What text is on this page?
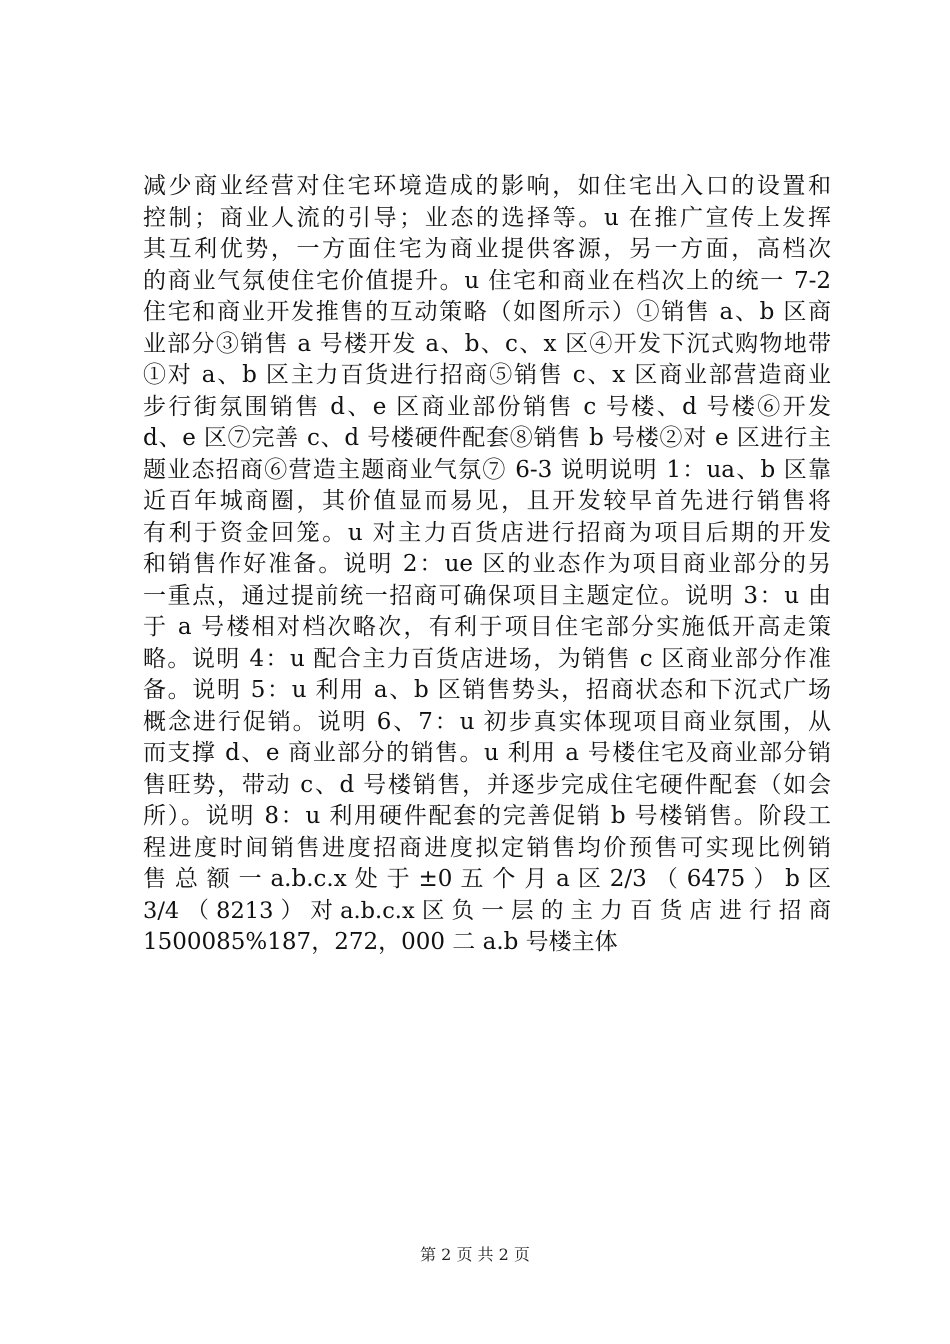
减少商业经营对住宅环境造成的影响，如住宅出入口的设置和
控制；商业人流的引导；业态的选择等。u 在推广宣传上发挥
其互利优势，一方面住宅为商业提供客源，另一方面，高档次
的商业气氛使住宅价值提升。u 住宅和商业在档次上的统一 7-2
住宅和商业开发推售的互动策略（如图所示）①销售 a、b 区商
业部分③销售 a 号楼开发 a、b、c、x 区④开发下沉式购物地带
①对 a、b 区主力百货进行招商⑤销售 c、x 区商业部营造商业
步行街氛围销售 d、e 区商业部份销售 c 号楼、d 号楼⑥开发
d、e 区⑦完善 c、d 号楼硬件配套⑧销售 b 号楼②对 e 区进行主
题业态招商⑥营造主题商业气氛⑦ 6-3 说明说明 1：ua、b 区靠
近百年城商圈，其价值显而易见，且开发较早首先进行销售将
有利于资金回笼。u 对主力百货店进行招商为项目后期的开发
和销售作好准备。说明 2：ue 区的业态作为项目商业部分的另
一重点，通过提前统一招商可确保项目主题定位。说明 3：u 由
于 a 号楼相对档次略次，有利于项目住宅部分实施低开高走策
略。说明 4：u 配合主力百货店进场，为销售 c 区商业部分作准
备。说明 5：u 利用 a、b 区销售势头，招商状态和下沉式广场
概念进行促销。说明 6、7：u 初步真实体现项目商业氛围，从
而支撑 d、e 商业部分的销售。u 利用 a 号楼住宅及商业部分销
售旺势，带动 c、d 号楼销售，并逐步完成住宅硬件配套（如会
所）。说明 8：u 利用硬件配套的完善促销 b 号楼销售。阶段工
程进度时间销售进度招商进度拟定销售均价预售可实现比例销
售 总 额 一 a.b.c.x 处 于 ±0 五 个 月 a 区 2/3 （ 6475 ） b 区
3/4 （ 8213 ） 对 a.b.c.x 区 负 一 层 的 主 力 百 货 店 进 行 招 商
1500085%187，272，000 二 a.b 号楼主体
第 2 页 共 2 页
